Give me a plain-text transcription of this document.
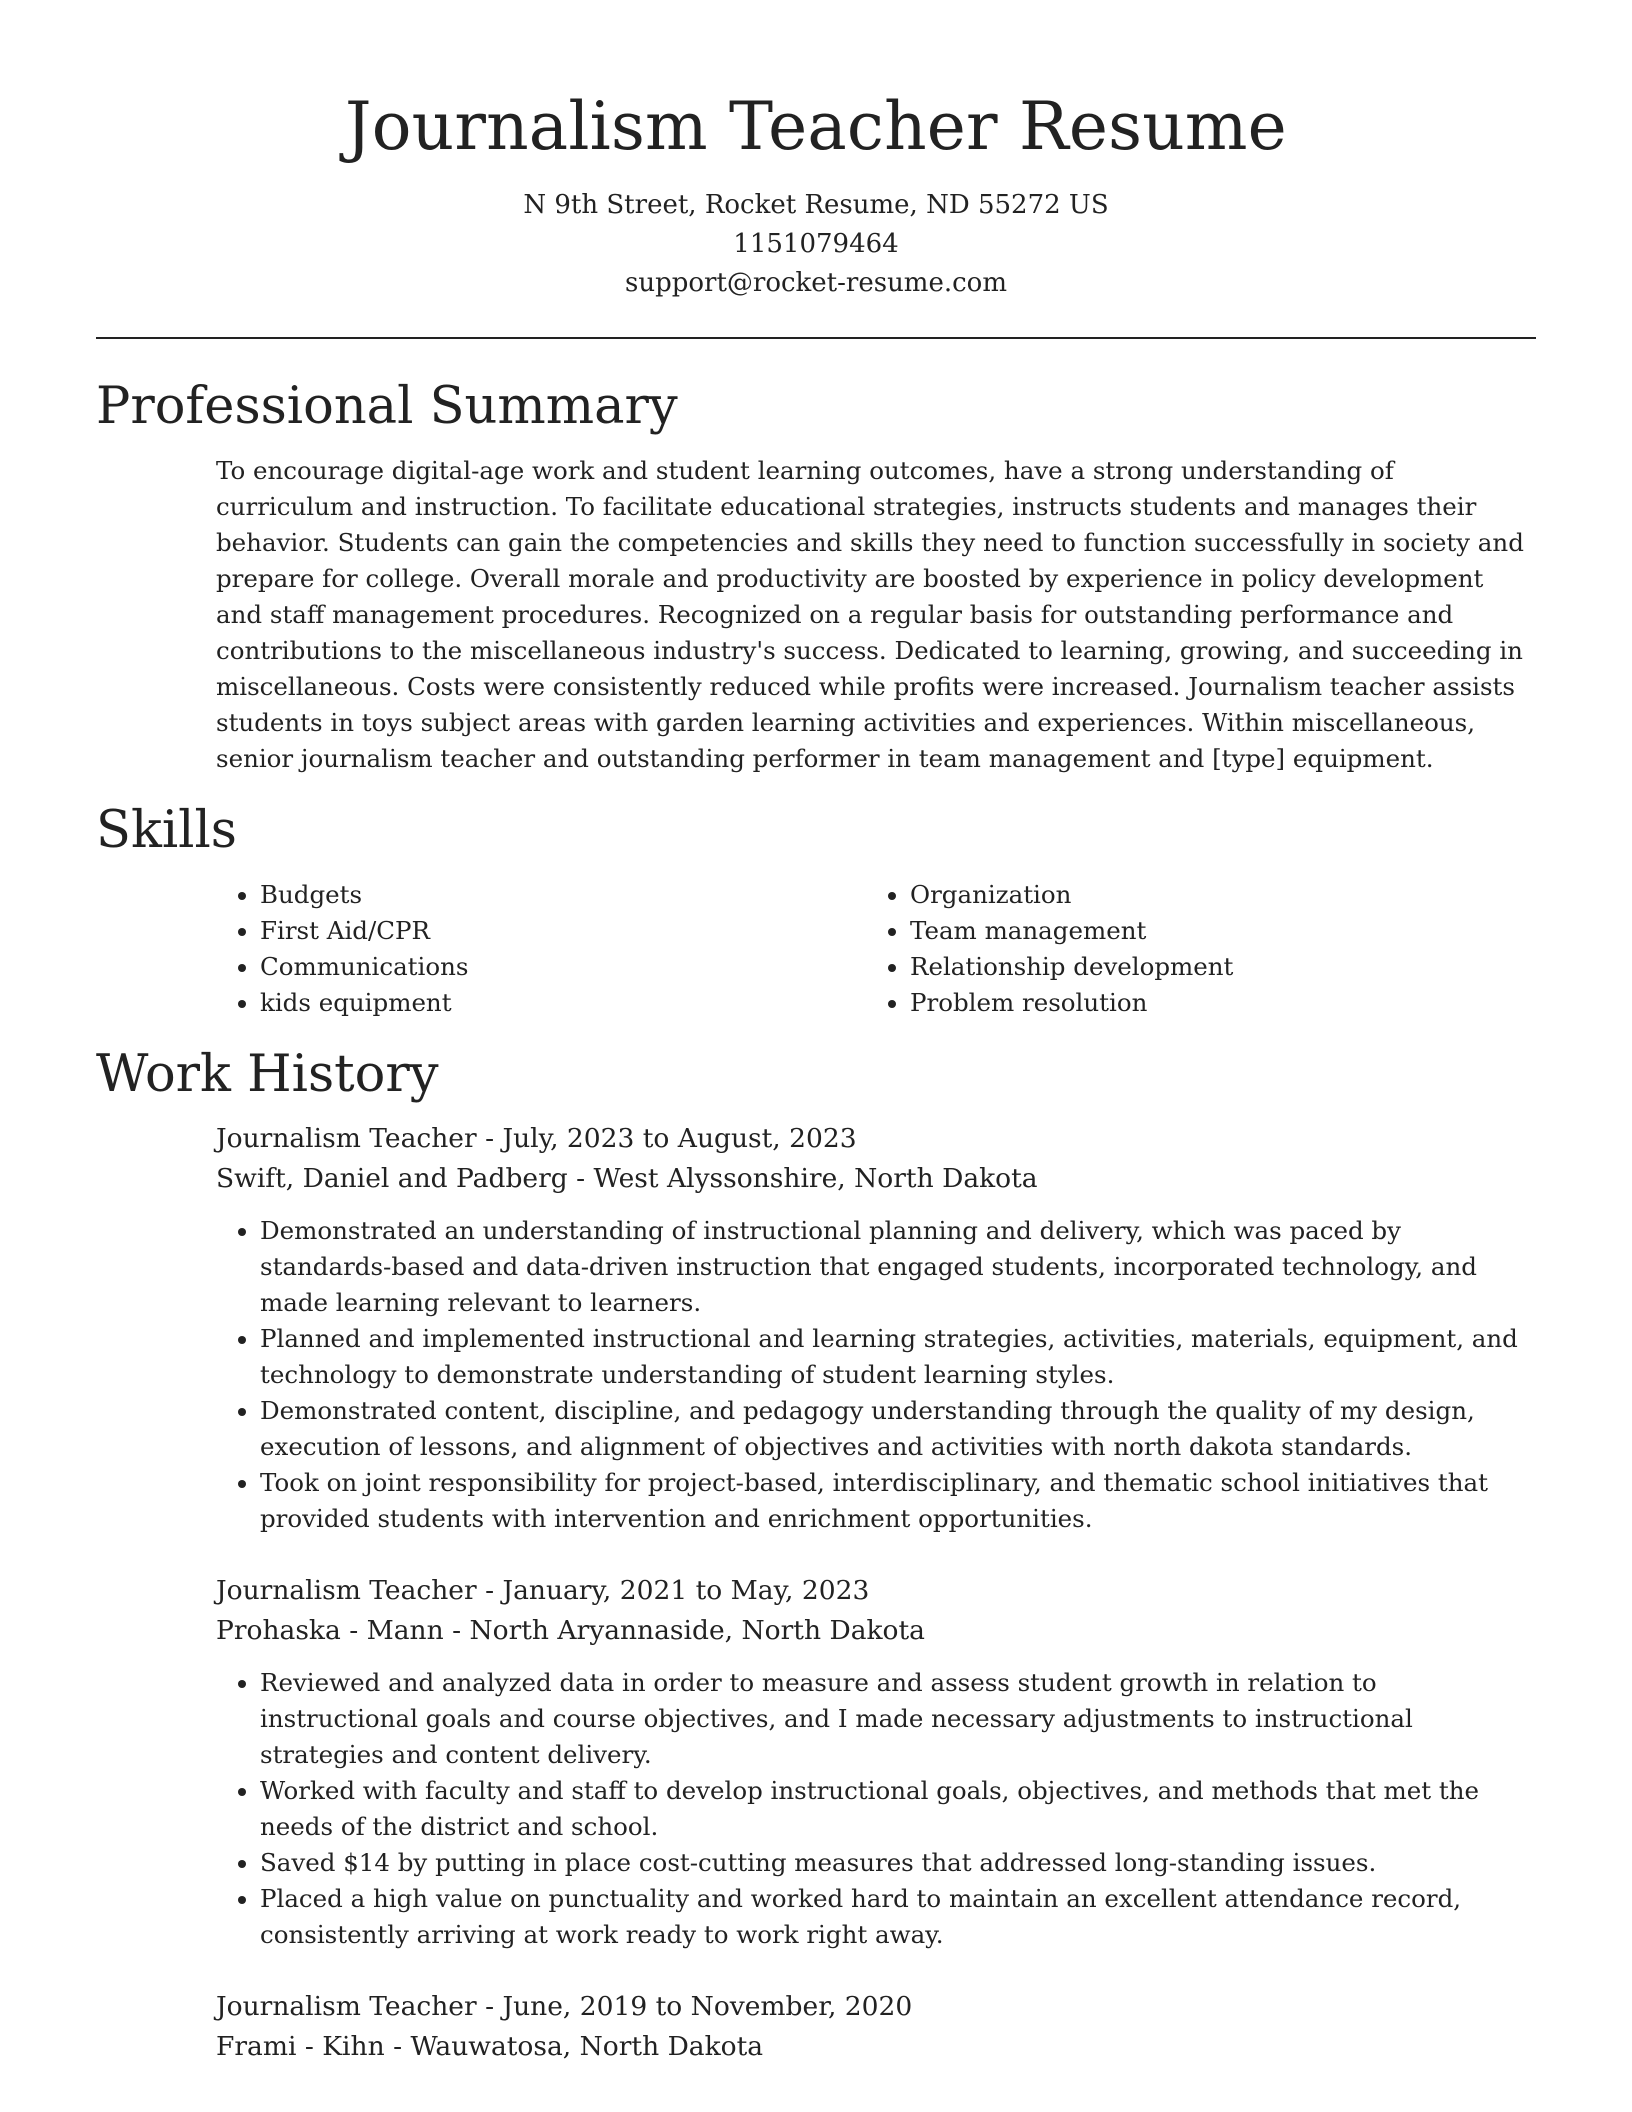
Journalism Teacher Resume
N 9th Street, Rocket Resume, ND 55272 US
1151079464
support@rocket-resume.com
Professional Summary

To encourage digital-age work and student learning outcomes, have a strong understanding of curriculum and instruction. To facilitate educational strategies, instructs students and manages their behavior. Students can gain the competencies and skills they need to function successfully in society and prepare for college. Overall morale and productivity are boosted by experience in policy development and staff management procedures. Recognized on a regular basis for outstanding performance and contributions to the miscellaneous industry's success. Dedicated to learning, growing, and succeeding in miscellaneous. Costs were consistently reduced while profits were increased. Journalism teacher assists students in toys subject areas with garden learning activities and experiences. Within miscellaneous, senior journalism teacher and outstanding performer in team management and [type] equipment.

Skills
• Budgets
• First Aid/CPR
• Communications
• kids equipment
• Organization
• Team management
• Relationship development
• Problem resolution
Work History
Journalism Teacher - July, 2023 to August, 2023
Swift, Daniel and Padberg - West Alyssonshire, North Dakota
• Demonstrated an understanding of instructional planning and delivery, which was paced by standards-based and data-driven instruction that engaged students, incorporated technology, and made learning relevant to learners.
• Planned and implemented instructional and learning strategies, activities, materials, equipment, and technology to demonstrate understanding of student learning styles.
• Demonstrated content, discipline, and pedagogy understanding through the quality of my design, execution of lessons, and alignment of objectives and activities with north dakota standards.
• Took on joint responsibility for project-based, interdisciplinary, and thematic school initiatives that provided students with intervention and enrichment opportunities.
Journalism Teacher - January, 2021 to May, 2023
Prohaska - Mann - North Aryannaside, North Dakota
• Reviewed and analyzed data in order to measure and assess student growth in relation to instructional goals and course objectives, and I made necessary adjustments to instructional strategies and content delivery.
• Worked with faculty and staff to develop instructional goals, objectives, and methods that met the needs of the district and school.
• Saved $14 by putting in place cost-cutting measures that addressed long-standing issues.
• Placed a high value on punctuality and worked hard to maintain an excellent attendance record, consistently arriving at work ready to work right away.
Journalism Teacher - June, 2019 to November, 2020
Frami - Kihn - Wauwatosa, North Dakota
